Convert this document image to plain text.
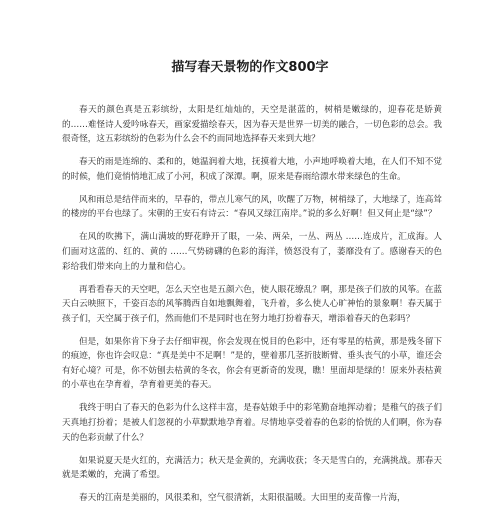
描写春天景物的作文800字

春天的颜色真是五彩缤纷，太阳是红灿灿的，天空是湛蓝的，树梢是嫩绿的，迎春花是娇黄的……难怪诗人爱吟咏春天，画家爱描绘春天，因为春天是世界一切美的融合，一切色彩的总会。我很奇怪，这五彩缤纷的色彩为什么会不约而同地选择春天来到大地？

春天的雨是连绵的、柔和的，她温润着大地，抚摸着大地，小声地呼唤着大地，在人们不知不觉的时候，他们竟悄悄地汇成了小河，积成了深潭。啊，原来是春雨给漂水带来绿色的生命。

风和雨总是结伴而来的，早春的，带点儿寒气的风，吹醒了万物，树梢绿了，大地绿了，连高耸的楼房的平台也绿了。宋朝的王安石有诗云：“春风又绿江南岸。”说的多么好啊！但又何止是“绿”？

在风的吹拂下，满山满坡的野花睁开了眼，一朵、两朵，一丛、两丛 ……连成片，汇成海。人们面对这蓝的、红的、黄的 ……气势磅礴的色彩的海洋，愤怒没有了，萎靡没有了。感谢春天的色彩给我们带来向上的力量和信心。

再看看春天的天空吧，怎么天空也是五颜六色，使人眼花缭乱？啊，那是孩子们放的风筝。在蓝天白云映照下，千姿百态的风筝腾西自如地飘舞着，飞升着，多么使人心旷神怡的景象啊！春天属于孩子们，天空属于孩子们，然而他们不是同时也在努力地打扮着春天，增添着春天的色彩吗？

但是，如果你肯下身子去仔细审视，你会发现在悦目的色彩中，还有零星的枯黄，那是残冬留下的痕迹，你也许会叹息：“真是美中不足啊！”是的，壁着那几茎折肢断臂、垂头丧气的小草，谁还会有好心境？可是，你不妨刨去枯黄的冬衣，你会有更新奇的发现，瞧！里面却是绿的！原来外表枯黄的小草也在孕育着，孕育着更美的春天。

我终于明白了春天的色彩为什么这样丰富，是春姑娘手中的彩笔勤奋地挥动着；是稚气的孩子们天真地打扮着；是被人们忽视的小草默默地孕育着。尽情地享受着春的色彩的恰恍的人们啊，你为春天的色彩贡献了什么？

如果说夏天是火红的，充满活力；秋天是金黄的，充满收获；冬天是雪白的，充满挑战。那春天就是柔嫩的，充满了希望。

春天的江南是美丽的，风很柔和，空气很清新，太阳很温暖。大田里的麦苗像一片海，
